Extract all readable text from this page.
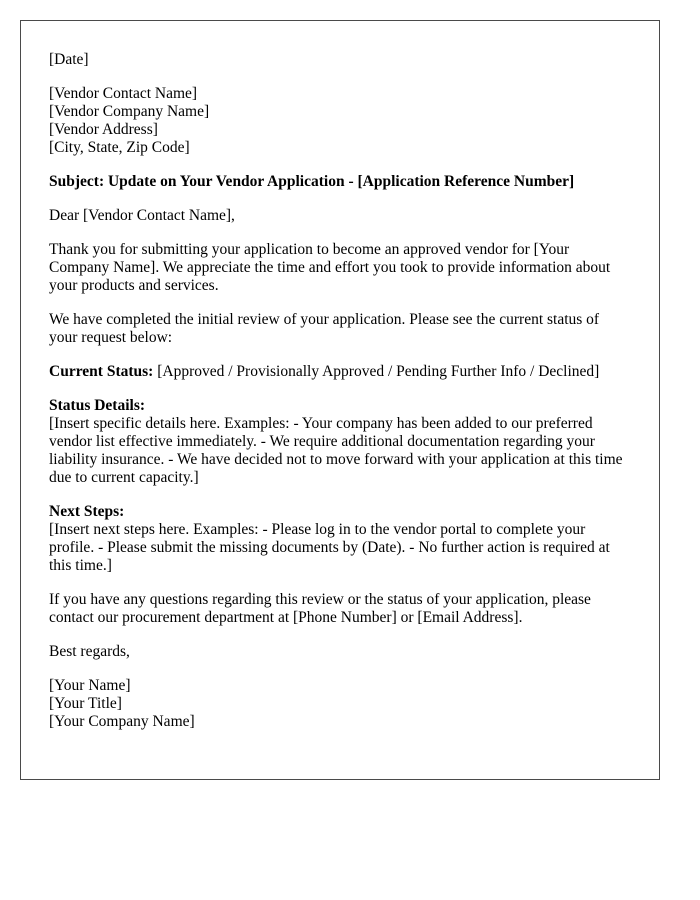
[Date]
[Vendor Contact Name]
[Vendor Company Name]
[Vendor Address]
[City, State, Zip Code]
Subject: Update on Your Vendor Application - [Application Reference Number]
Dear [Vendor Contact Name],
Thank you for submitting your application to become an approved vendor for [Your Company Name]. We appreciate the time and effort you took to provide information about your products and services.
We have completed the initial review of your application. Please see the current status of your request below:
Current Status: [Approved / Provisionally Approved / Pending Further Info / Declined]
Status Details:
[Insert specific details here. Examples: - Your company has been added to our preferred vendor list effective immediately. - We require additional documentation regarding your liability insurance. - We have decided not to move forward with your application at this time due to current capacity.]
Next Steps:
[Insert next steps here. Examples: - Please log in to the vendor portal to complete your profile. - Please submit the missing documents by (Date). - No further action is required at this time.]
If you have any questions regarding this review or the status of your application, please contact our procurement department at [Phone Number] or [Email Address].
Best regards,
[Your Name]
[Your Title]
[Your Company Name]
